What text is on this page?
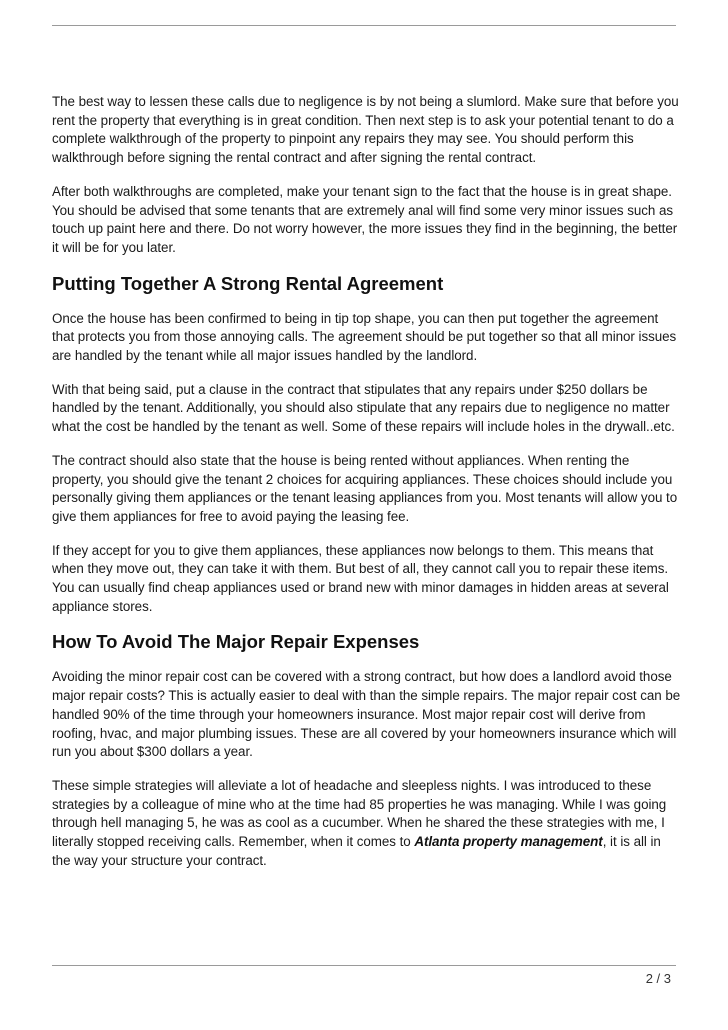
The best way to lessen these calls due to negligence is by not being a slumlord. Make sure that before you rent the property that everything is in great condition. Then next step is to ask your potential tenant to do a complete walkthrough of the property to pinpoint any repairs they may see. You should perform this walkthrough before signing the rental contract and after signing the rental contract.

After both walkthroughs are completed, make your tenant sign to the fact that the house is in great shape. You should be advised that some tenants that are extremely anal will find some very minor issues such as touch up paint here and there. Do not worry however, the more issues they find in the beginning, the better it will be for you later.

Putting Together A Strong Rental Agreement

Once the house has been confirmed to being in tip top shape, you can then put together the agreement that protects you from those annoying calls. The agreement should be put together so that all minor issues are handled by the tenant while all major issues handled by the landlord.

With that being said, put a clause in the contract that stipulates that any repairs under $250 dollars be handled by the tenant. Additionally, you should also stipulate that any repairs due to negligence no matter what the cost be handled by the tenant as well. Some of these repairs will include holes in the drywall..etc.

The contract should also state that the house is being rented without appliances. When renting the property, you should give the tenant 2 choices for acquiring appliances. These choices should include you personally giving them appliances or the tenant leasing appliances from you. Most tenants will allow you to give them appliances for free to avoid paying the leasing fee.

If they accept for you to give them appliances, these appliances now belongs to them. This means that when they move out, they can take it with them. But best of all, they cannot call you to repair these items. You can usually find cheap appliances used or brand new with minor damages in hidden areas at several appliance stores.

How To Avoid The Major Repair Expenses

Avoiding the minor repair cost can be covered with a strong contract, but how does a landlord avoid those major repair costs? This is actually easier to deal with than the simple repairs. The major repair cost can be handled 90% of the time through your homeowners insurance. Most major repair cost will derive from roofing, hvac, and major plumbing issues. These are all covered by your homeowners insurance which will run you about $300 dollars a year.

These simple strategies will alleviate a lot of headache and sleepless nights. I was introduced to these strategies by a colleague of mine who at the time had 85 properties he was managing. While I was going through hell managing 5, he was as cool as a cucumber. When he shared the these strategies with me, I literally stopped receiving calls. Remember, when it comes to Atlanta property management, it is all in the way your structure your contract.

2 / 3
